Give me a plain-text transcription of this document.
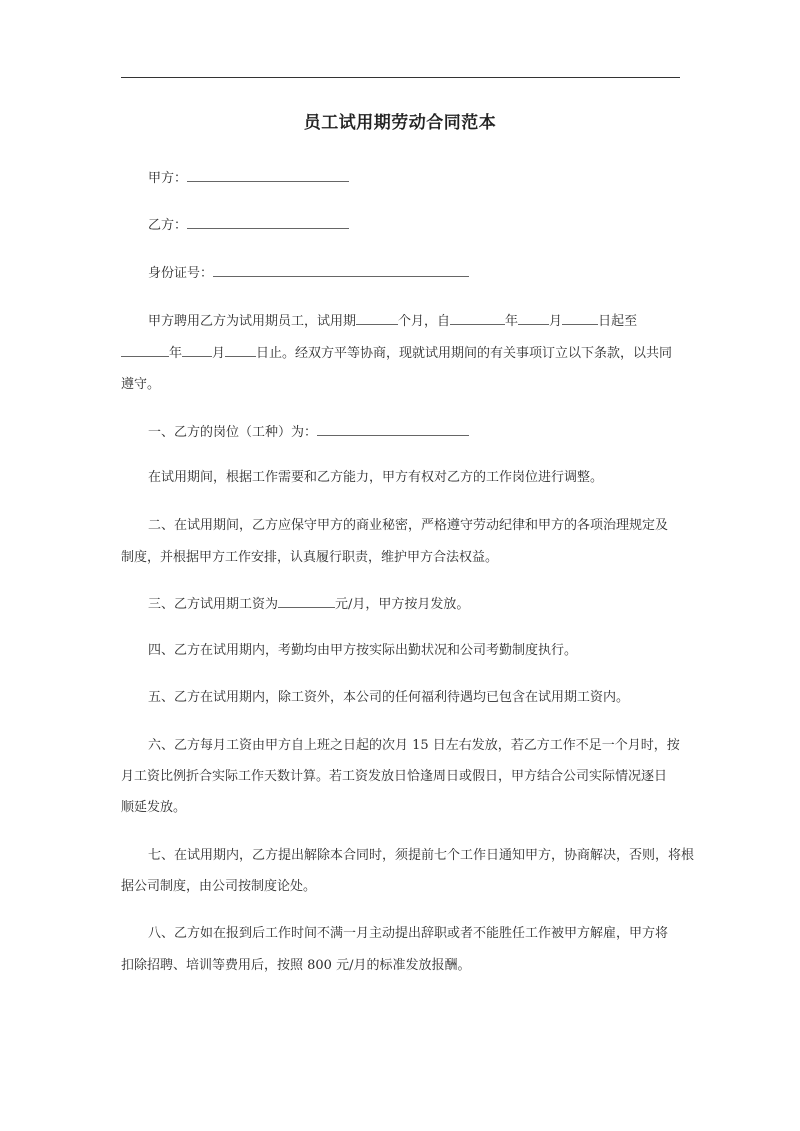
员工试用期劳动合同范本
甲方：
乙方：
身份证号：
甲方聘用乙方为试用期员工，试用期	个月，自	年 月	日起至
年 月 日止。经双方平等协商，现就试用期间的有关事项订立以下条款，以共同
遵守。
一、乙方的岗位（工种）为：
在试用期间，根据工作需要和乙方能力，甲方有权对乙方的工作岗位进行调整。
二、在试用期间，乙方应保守甲方的商业秘密，严格遵守劳动纪律和甲方的各项治理规定及
制度，并根据甲方工作安排，认真履行职责，维护甲方合法权益。
三、乙方试用期工资为	元/月，甲方按月发放。
四、乙方在试用期内，考勤均由甲方按实际出勤状况和公司考勤制度执行。
五、乙方在试用期内，除工资外，本公司的任何福利待遇均已包含在试用期工资内。
六、乙方每月工资由甲方自上班之日起的次月 15 日左右发放，若乙方工作不足一个月时，按
月工资比例折合实际工作天数计算。若工资发放日恰逢周日或假日，甲方结合公司实际情况逐日
顺延发放。
七、在试用期内，乙方提出解除本合同时，须提前七个工作日通知甲方，协商解决，否则，将根
据公司制度，由公司按制度论处。
八、乙方如在报到后工作时间不满一月主动提出辞职或者不能胜任工作被甲方解雇，甲方将
扣除招聘、培训等费用后，按照 800 元/月的标准发放报酬。
